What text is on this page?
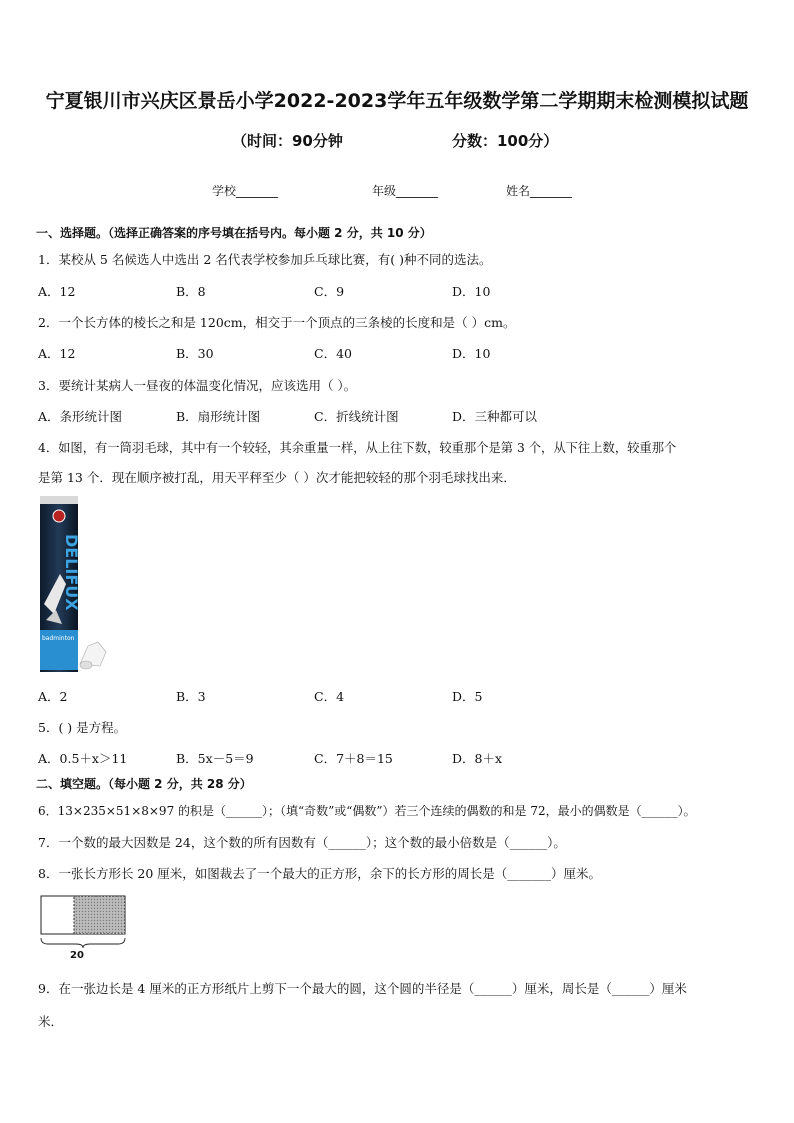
宁夏银川市兴庆区景岳小学2022-2023学年五年级数学第二学期期末检测模拟试题
（时间：90分钟	分数：100分）
学校_______	年级_______	姓名_______
一、选择题。（选择正确答案的序号填在括号内。每小题 2 分，共 10 分）
1．某校从 5 名候选人中选出 2 名代表学校参加乒乓球比赛，有( )种不同的选法。
A．12	B．8	C．9	D．10
2．一个长方体的棱长之和是 120cm，相交于一个顶点的三条棱的长度和是（ ）cm。
A．12	B．30	C．40	D．10
3．要统计某病人一昼夜的体温变化情况，应该选用（ ）。
A．条形统计图	B．扇形统计图	C．折线统计图	D．三种都可以
4．如图，有一筒羽毛球，其中有一个较轻，其余重量一样，从上往下数，较重那个是第 3 个，从下往上数，较重那个
是第 13 个．现在顺序被打乱，用天平秤至少（ ）次才能把较轻的那个羽毛球找出来．
DELIFUX
badminton
A．2	B．3	C．4	D．5
5．( ) 是方程。
A．0.5＋x＞11	B．5x－5＝9	C．7＋8＝15	D．8＋x
二、填空题。（每小题 2 分，共 28 分）
6．13×235×51×8×97 的积是（______）；（填“奇数”或“偶数”）若三个连续的偶数的和是 72，最小的偶数是（______）。
7．一个数的最大因数是 24，这个数的所有因数有（______）；这个数的最小倍数是（______）。
8．一张长方形长 20 厘米，如图裁去了一个最大的正方形，余下的长方形的周长是（_______）厘米。
20
9．在一张边长是 4 厘米的正方形纸片上剪下一个最大的圆，这个圆的半径是（______）厘米，周长是（______）厘米
米．
